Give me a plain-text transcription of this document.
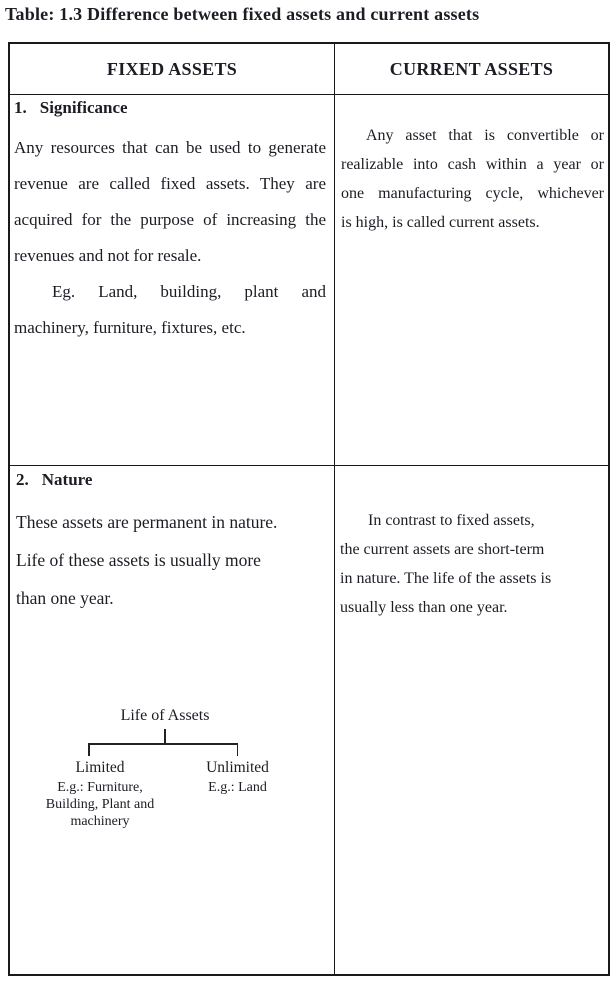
Table: 1.3 Difference between fixed assets and current assets
FIXED ASSETS	CURRENT ASSETS
1. Significance
Any resources that can be used to generate
revenue are called fixed assets. They are
acquired for the purpose of increasing the
revenues and not for resale.
Eg. Land, building, plant and
machinery, furniture, fixtures, etc.
Any asset that is convertible or
realizable into cash within a year or
one manufacturing cycle, whichever
is high, is called current assets.
2. Nature
These assets are permanent in nature.
Life of these assets is usually more
than one year.
Life of Assets
Limited
E.g.: Furniture,
Building, Plant and
machinery
Unlimited
E.g.: Land
In contrast to fixed assets,
the current assets are short-term
in nature. The life of the assets is
usually less than one year.
